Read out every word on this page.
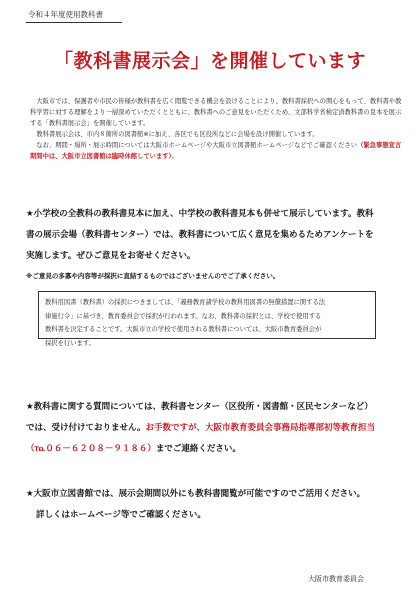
令和４年度使用教科書
「教科書展示会」を開催しています

大阪市では、保護者や市民の皆様が教科書を広く閲覧できる機会を設けることにより、教科書採択への関心をもって、教科書や教科学習に対する理解をより一層深めていただくとともに、教科書へのご意見をいただくため、文部科学省検定済教科書の見本を展示する「教科書展示会」を開催しています。

教科書展示会は、市内８箇所の図書館※に加え、各区でも区役所などに会場を設け開催しています。

なお、期間・場所・展示時間については大阪市ホームページや大阪市立図書館ホームページなどでご確認ください（緊急事態宣言期間中は、大阪市立図書館は臨時休館しています）。

★小学校の全教科の教科書見本に加え、中学校の教科書見本も併せて展示しています。教科
書の展示会場（教科書センター）では、教科書について広く意見を集めるためアンケートを
実施します。ぜひご意見をお寄せください。
※ご意見の多寡や内容等が採択に直結するものではございませんのでご了承ください。
教科用図書（教科書）の採択につきましては、「義務教育諸学校の教科用図書の無償措置に関する法
律施行令」に基づき、教育委員会で採択が行われます。なお、教科書の採択とは、学校で使用する
教科書を決定することです。大阪市立の学校で使用される教科書については、大阪市教育委員会が
採択を行います。
★教科書に関する質問については、教科書センター（区役所・図書館・区民センターなど）
では、受け付けておりません。お手数ですが、大阪市教育委員会事務局指導部初等教育担当
（℡０６－６２０８－９１８６）までご連絡ください。
★大阪市立図書館では、展示会期間以外にも教科書閲覧が可能ですのでご活用ください。
詳しくはホームページ等でご確認ください。
大阪市教育委員会
